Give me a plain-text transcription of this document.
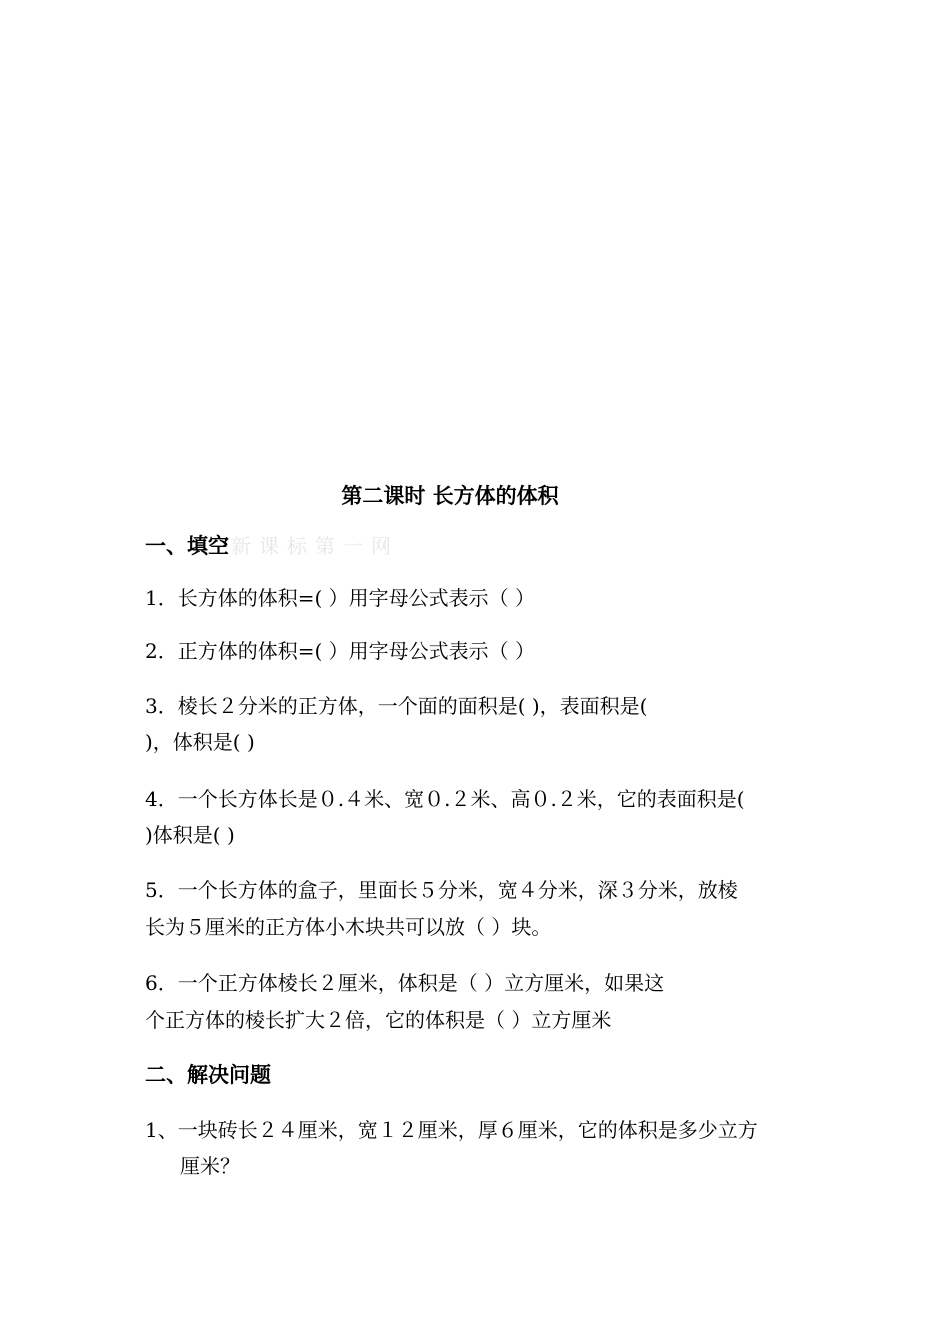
第二课时 长方体的体积
一、填空 新课标第一网
1．长方体的体积=( ）用字母公式表示（ ）
2．正方体的体积=( ）用字母公式表示（ ）
3．棱长２分米的正方体，一个面的面积是( )，表面积是(
)，体积是( )
4．一个长方体长是０.４米、宽０.２米、高０.２米，它的表面积是(
)体积是( )
5．一个长方体的盒子，里面长５分米，宽４分米，深３分米，放棱
长为５厘米的正方体小木块共可以放（ ）块。
6．一个正方体棱长２厘米，体积是（ ）立方厘米，如果这
个正方体的棱长扩大２倍，它的体积是（ ）立方厘米
二、解决问题
1、一块砖长２４厘米，宽１２厘米，厚６厘米，它的体积是多少立方
厘米？
